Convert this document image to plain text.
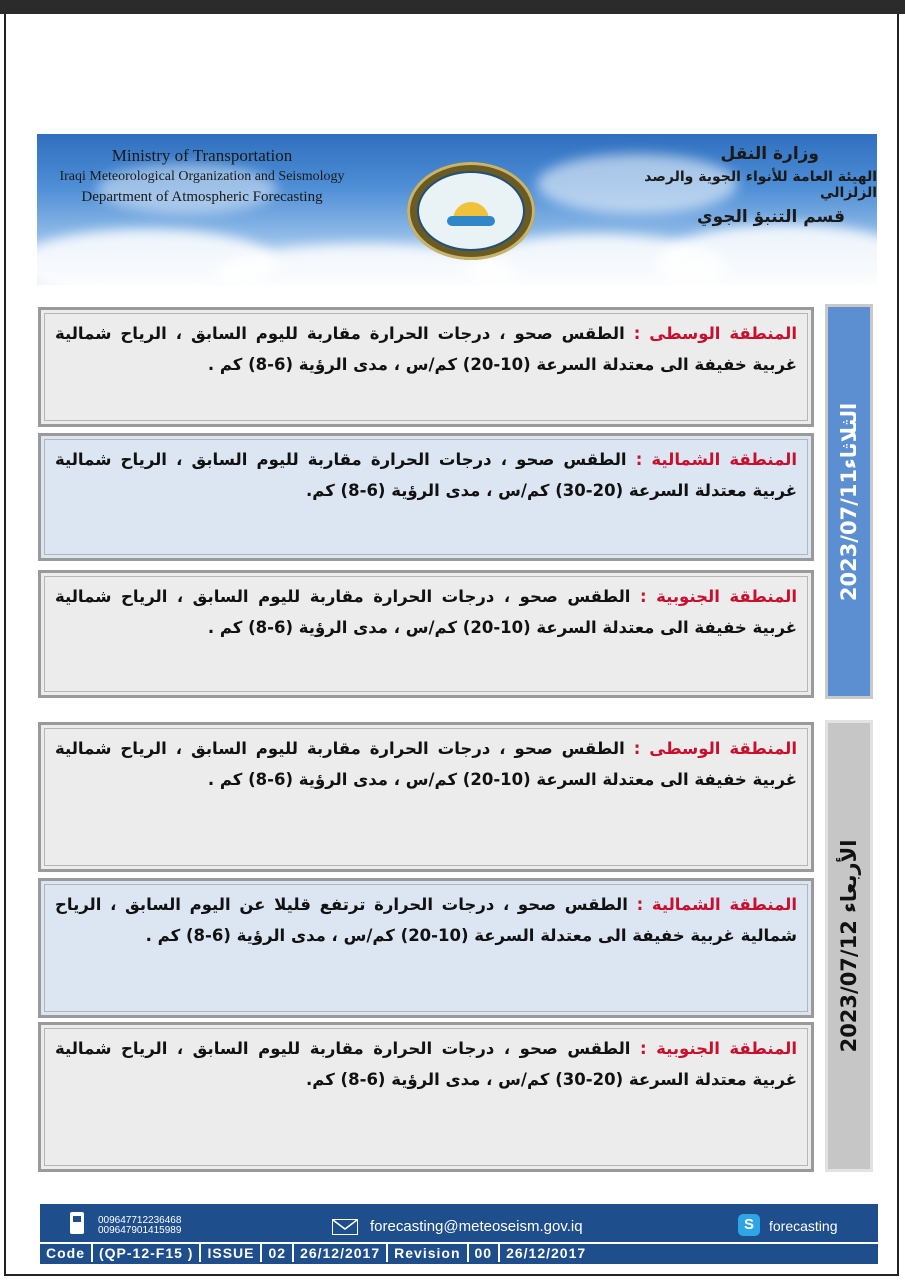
Ministry of Transportation
Iraqi Meteorological Organization and Seismology
Department of Atmospheric Forecasting
وزارة النقل
الهيئة العامة للأنواء الجوية والرصد الزلزالي
قسم التنبؤ الجوي
المنطقة الوسطى : الطقس صحو ، درجات الحرارة مقاربة لليوم السابق ، الرياح شمالية غربية خفيفة الى معتدلة السرعة (10-20) كم/س ، مدى الرؤية (6-8) كم .
المنطقة الشمالية : الطقس صحو ، درجات الحرارة مقاربة لليوم السابق ، الرياح شمالية غربية معتدلة السرعة (20-30) كم/س ، مدى الرؤية (6-8) كم.
المنطقة الجنوبية : الطقس صحو ، درجات الحرارة مقاربة لليوم السابق ، الرياح شمالية غربية خفيفة الى معتدلة السرعة (10-20) كم/س ، مدى الرؤية (6-8) كم .
الثلاثاء2023/07/11
المنطقة الوسطى : الطقس صحو ، درجات الحرارة مقاربة لليوم السابق ، الرياح شمالية غربية خفيفة الى معتدلة السرعة (10-20) كم/س ، مدى الرؤية (6-8) كم .
المنطقة الشمالية : الطقس صحو ، درجات الحرارة ترتفع قليلا عن اليوم السابق ، الرياح شمالية غربية خفيفة الى معتدلة السرعة (10-20) كم/س ، مدى الرؤية (6-8) كم .
المنطقة الجنوبية : الطقس صحو ، درجات الحرارة مقاربة لليوم السابق ، الرياح شمالية غربية معتدلة السرعة (20-30) كم/س ، مدى الرؤية (6-8) كم.
الأربعاء 2023/07/12
009647712236468
009647901415989	forecasting@meteoseism.gov.iq	S	forecasting
Code	(QP-12-F15 )	ISSUE	02	26/12/2017	Revision	00	26/12/2017
